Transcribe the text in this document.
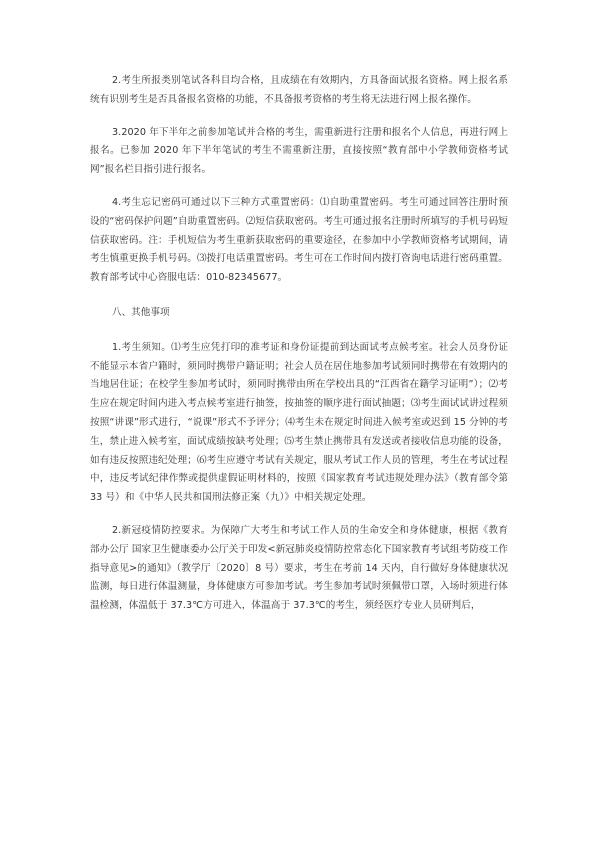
2.考生所报类别笔试各科目均合格，且成绩在有效期内，方具备面试报名资格。网上报名系统有识别考生是否具备报名资格的功能，不具备报考资格的考生将无法进行网上报名操作。

3.2020 年下半年之前参加笔试并合格的考生，需重新进行注册和报名个人信息，再进行网上报名。已参加 2020 年下半年笔试的考生不需重新注册，直接按照“教育部中小学教师资格考试网”报名栏目指引进行报名。

4.考生忘记密码可通过以下三种方式重置密码：⑴自助重置密码。考生可通过回答注册时预设的“密码保护问题”自助重置密码。⑵短信获取密码。考生可通过报名注册时所填写的手机号码短信获取密码。注：手机短信为考生重新获取密码的重要途径，在参加中小学教师资格考试期间，请考生慎重更换手机号码。⑶拨打电话重置密码。考生可在工作时间内拨打咨询电话进行密码重置。教育部考试中心咨服电话：010-82345677。

八、其他事项

1.考生须知。⑴考生应凭打印的准考证和身份证提前到达面试考点候考室。社会人员身份证不能显示本省户籍时，须同时携带户籍证明；社会人员在居住地参加考试须同时携带在有效期内的当地居住证；在校学生参加考试时，须同时携带由所在学校出具的“江西省在籍学习证明”）；⑵考生应在规定时间内进入考点候考室进行抽签，按抽签的顺序进行面试抽题；⑶考生面试试讲过程须按照“讲课”形式进行，“说课”形式不予评分；⑷考生未在规定时间进入候考室或迟到 15 分钟的考生，禁止进入候考室，面试成绩按缺考处理；⑸考生禁止携带具有发送或者接收信息功能的设备，如有违反按照违纪处理；⑹考生应遵守考试有关规定，服从考试工作人员的管理，考生在考试过程中，违反考试纪律作弊或提供虚假证明材料的，按照《国家教育考试违规处理办法》（教育部令第 33 号）和《中华人民共和国刑法修正案（九）》中相关规定处理。

2.新冠疫情防控要求。为保障广大考生和考试工作人员的生命安全和身体健康，根据《教育部办公厅 国家卫生健康委办公厅关于印发<新冠肺炎疫情防控常态化下国家教育考试组考防疫工作指导意见>的通知》（教学厅〔2020〕8 号）要求，考生在考前 14 天内，自行做好身体健康状况监测，每日进行体温测量，身体健康方可参加考试。考生参加考试时须佩带口罩，入场时须进行体温检测，体温低于 37.3℃方可进入，体温高于 37.3℃的考生，须经医疗专业人员研判后，
